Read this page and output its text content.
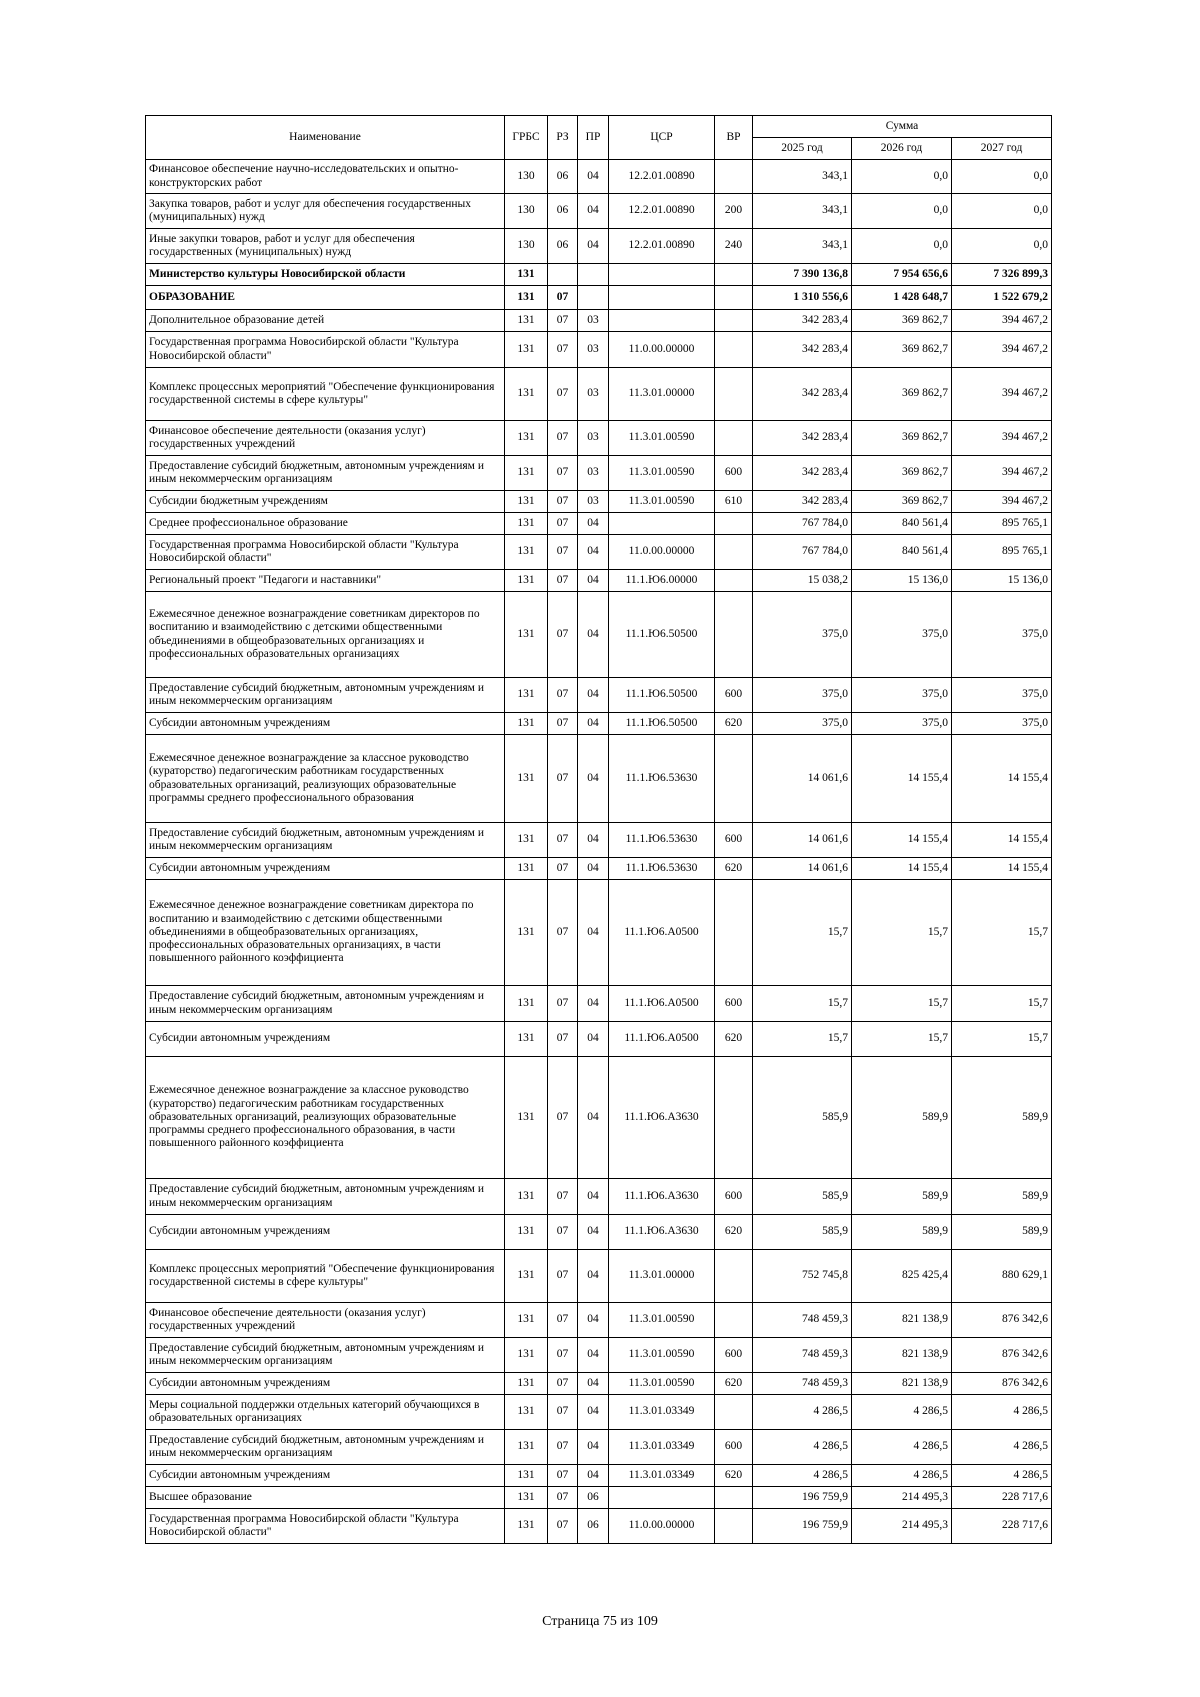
Наименование	ГРБС	РЗ	ПР	ЦСР	ВР	Сумма		
						2025 год	2026 год	2027 год
Финансовое обеспечение научно-исследовательских и опытно-конструкторских работ	130	06	04	12.2.01.00890		343,1	0,0	0,0
Закупка товаров, работ и услуг для обеспечения государственных (муниципальных) нужд	130	06	04	12.2.01.00890	200	343,1	0,0	0,0
Иные закупки товаров, работ и услуг для обеспечения государственных (муниципальных) нужд	130	06	04	12.2.01.00890	240	343,1	0,0	0,0
Министерство культуры Новосибирской области	131					7 390 136,8	7 954 656,6	7 326 899,3
ОБРАЗОВАНИЕ	131	07				1 310 556,6	1 428 648,7	1 522 679,2
Дополнительное образование детей	131	07	03			342 283,4	369 862,7	394 467,2
Государственная программа Новосибирской области "Культура Новосибирской области"	131	07	03	11.0.00.00000		342 283,4	369 862,7	394 467,2
Комплекс процессных мероприятий "Обеспечение функционирования государственной системы в сфере культуры"	131	07	03	11.3.01.00000		342 283,4	369 862,7	394 467,2
Финансовое обеспечение деятельности (оказания услуг) государственных учреждений	131	07	03	11.3.01.00590		342 283,4	369 862,7	394 467,2
Предоставление субсидий бюджетным, автономным учреждениям и иным некоммерческим организациям	131	07	03	11.3.01.00590	600	342 283,4	369 862,7	394 467,2
Субсидии бюджетным учреждениям	131	07	03	11.3.01.00590	610	342 283,4	369 862,7	394 467,2
Среднее профессиональное образование	131	07	04			767 784,0	840 561,4	895 765,1
Государственная программа Новосибирской области "Культура Новосибирской области"	131	07	04	11.0.00.00000		767 784,0	840 561,4	895 765,1
Региональный проект "Педагоги и наставники"	131	07	04	11.1.Ю6.00000		15 038,2	15 136,0	15 136,0
Ежемесячное денежное вознаграждение советникам директоров по воспитанию и взаимодействию с детскими общественными объединениями в общеобразовательных организациях и профессиональных образовательных организациях	131	07	04	11.1.Ю6.50500		375,0	375,0	375,0
Предоставление субсидий бюджетным, автономным учреждениям и иным некоммерческим организациям	131	07	04	11.1.Ю6.50500	600	375,0	375,0	375,0
Субсидии автономным учреждениям	131	07	04	11.1.Ю6.50500	620	375,0	375,0	375,0
Ежемесячное денежное вознаграждение за классное руководство (кураторство) педагогическим работникам государственных образовательных организаций, реализующих образовательные программы среднего профессионального образования	131	07	04	11.1.Ю6.53630		14 061,6	14 155,4	14 155,4
Предоставление субсидий бюджетным, автономным учреждениям и иным некоммерческим организациям	131	07	04	11.1.Ю6.53630	600	14 061,6	14 155,4	14 155,4
Субсидии автономным учреждениям	131	07	04	11.1.Ю6.53630	620	14 061,6	14 155,4	14 155,4
Ежемесячное денежное вознаграждение советникам директора по воспитанию и взаимодействию с детскими общественными объединениями в общеобразовательных организациях, профессиональных образовательных организациях, в части повышенного районного коэффициента	131	07	04	11.1.Ю6.А0500		15,7	15,7	15,7
Предоставление субсидий бюджетным, автономным учреждениям и иным некоммерческим организациям	131	07	04	11.1.Ю6.А0500	600	15,7	15,7	15,7
Субсидии автономным учреждениям	131	07	04	11.1.Ю6.А0500	620	15,7	15,7	15,7
Ежемесячное денежное вознаграждение за классное руководство (кураторство) педагогическим работникам государственных образовательных организаций, реализующих образовательные программы среднего профессионального образования, в части повышенного районного коэффициента	131	07	04	11.1.Ю6.А3630		585,9	589,9	589,9
Предоставление субсидий бюджетным, автономным учреждениям и иным некоммерческим организациям	131	07	04	11.1.Ю6.А3630	600	585,9	589,9	589,9
Субсидии автономным учреждениям	131	07	04	11.1.Ю6.А3630	620	585,9	589,9	589,9
Комплекс процессных мероприятий "Обеспечение функционирования государственной системы в сфере культуры"	131	07	04	11.3.01.00000		752 745,8	825 425,4	880 629,1
Финансовое обеспечение деятельности (оказания услуг) государственных учреждений	131	07	04	11.3.01.00590		748 459,3	821 138,9	876 342,6
Предоставление субсидий бюджетным, автономным учреждениям и иным некоммерческим организациям	131	07	04	11.3.01.00590	600	748 459,3	821 138,9	876 342,6
Субсидии автономным учреждениям	131	07	04	11.3.01.00590	620	748 459,3	821 138,9	876 342,6
Меры социальной поддержки отдельных категорий обучающихся в образовательных организациях	131	07	04	11.3.01.03349		4 286,5	4 286,5	4 286,5
Предоставление субсидий бюджетным, автономным учреждениям и иным некоммерческим организациям	131	07	04	11.3.01.03349	600	4 286,5	4 286,5	4 286,5
Субсидии автономным учреждениям	131	07	04	11.3.01.03349	620	4 286,5	4 286,5	4 286,5
Высшее образование	131	07	06			196 759,9	214 495,3	228 717,6
Государственная программа Новосибирской области "Культура Новосибирской области"	131	07	06	11.0.00.00000		196 759,9	214 495,3	228 717,6
Страница 75 из 109
